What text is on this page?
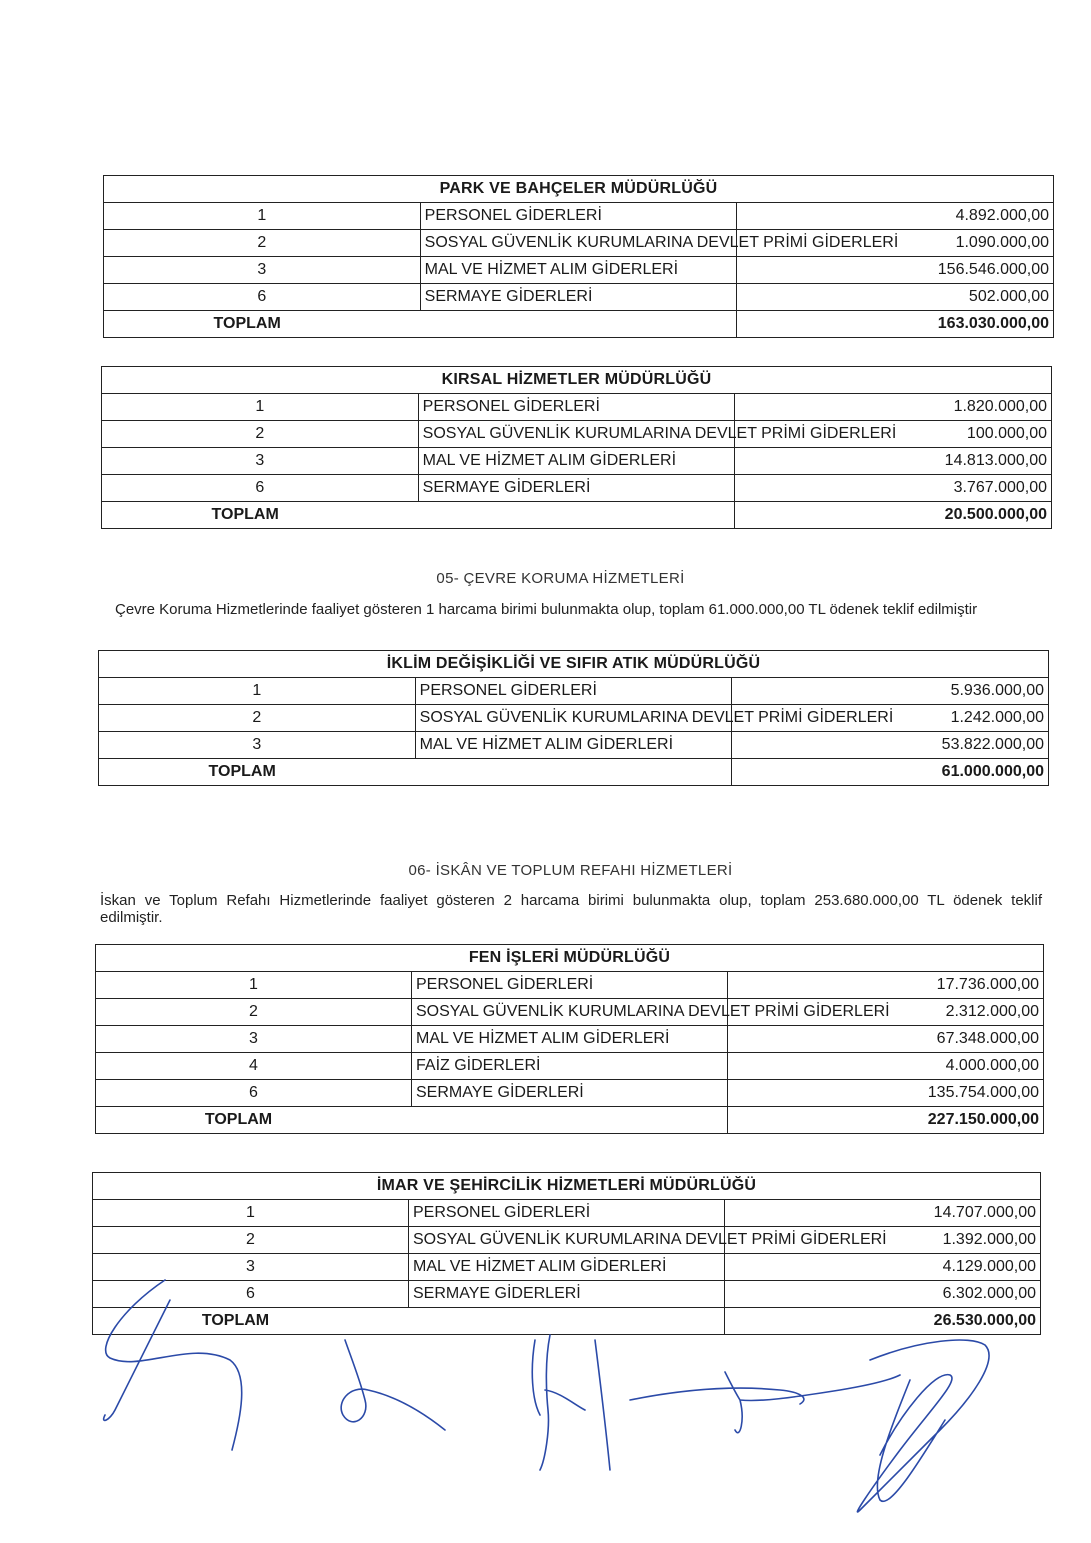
PARK VE BAHÇELER MÜDÜRLÜĞÜ		
1	PERSONEL GİDERLERİ	4.892.000,00
2	SOSYAL GÜVENLİK KURUMLARINA DEVLET PRİMİ GİDERLERİ	1.090.000,00
3	MAL VE HİZMET ALIM GİDERLERİ	156.546.000,00
6	SERMAYE GİDERLERİ	502.000,00
TOPLAM		163.030.000,00
KIRSAL HİZMETLER MÜDÜRLÜĞÜ		
1	PERSONEL GİDERLERİ	1.820.000,00
2	SOSYAL GÜVENLİK KURUMLARINA DEVLET PRİMİ GİDERLERİ	100.000,00
3	MAL VE HİZMET ALIM GİDERLERİ	14.813.000,00
6	SERMAYE GİDERLERİ	3.767.000,00
TOPLAM		20.500.000,00
05- ÇEVRE KORUMA HİZMETLERİ
Çevre Koruma Hizmetlerinde faaliyet gösteren 1 harcama birimi bulunmakta olup, toplam 61.000.000,00 TL ödenek teklif edilmiştir
İKLİM DEĞİŞİKLİĞİ VE SIFIR ATIK MÜDÜRLÜĞÜ		
1	PERSONEL GİDERLERİ	5.936.000,00
2	SOSYAL GÜVENLİK KURUMLARINA DEVLET PRİMİ GİDERLERİ	1.242.000,00
3	MAL VE HİZMET ALIM GİDERLERİ	53.822.000,00
TOPLAM		61.000.000,00
06- İSKÂN VE TOPLUM REFAHI HİZMETLERİ
İskan ve Toplum Refahı Hizmetlerinde faaliyet gösteren 2 harcama birimi bulunmakta olup, toplam 253.680.000,00 TL ödenek teklif
edilmiştir.
FEN İŞLERİ MÜDÜRLÜĞÜ		
1	PERSONEL GİDERLERİ	17.736.000,00
2	SOSYAL GÜVENLİK KURUMLARINA DEVLET PRİMİ GİDERLERİ	2.312.000,00
3	MAL VE HİZMET ALIM GİDERLERİ	67.348.000,00
4	FAİZ GİDERLERİ	4.000.000,00
6	SERMAYE GİDERLERİ	135.754.000,00
TOPLAM		227.150.000,00
İMAR VE ŞEHİRCİLİK HİZMETLERİ MÜDÜRLÜĞÜ		
1	PERSONEL GİDERLERİ	14.707.000,00
2	SOSYAL GÜVENLİK KURUMLARINA DEVLET PRİMİ GİDERLERİ	1.392.000,00
3	MAL VE HİZMET ALIM GİDERLERİ	4.129.000,00
6	SERMAYE GİDERLERİ	6.302.000,00
TOPLAM		26.530.000,00
